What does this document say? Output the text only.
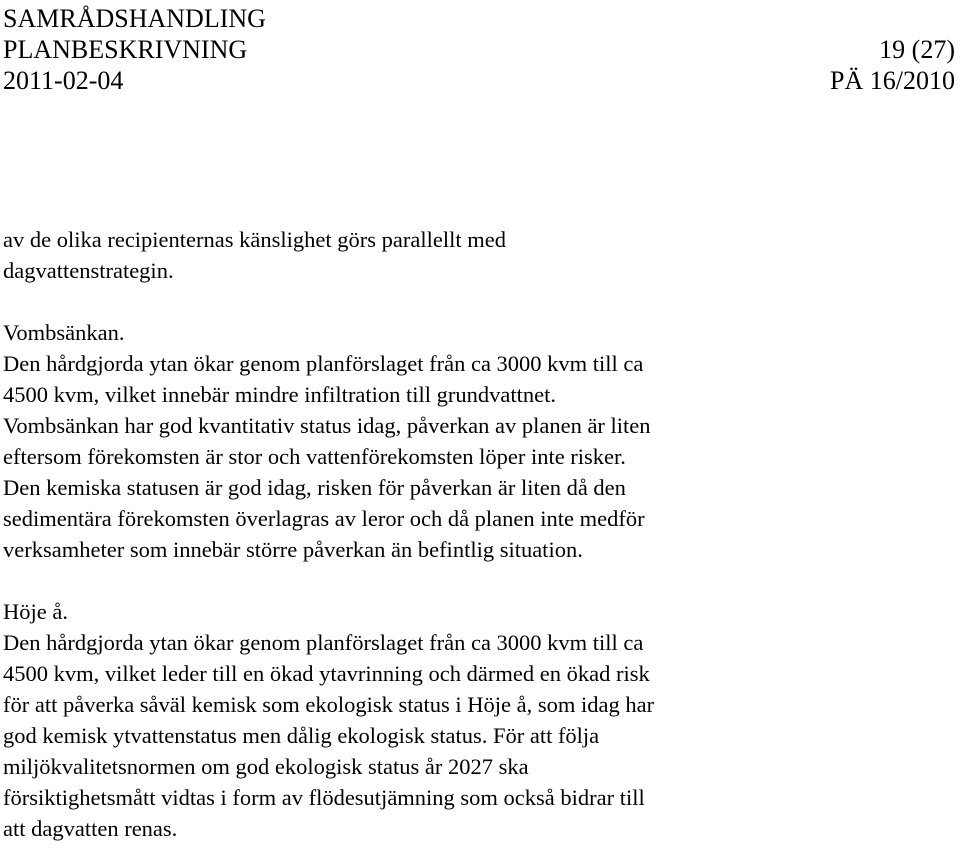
SAMRÅDSHANDLING
PLANBESKRIVNING	19 (27)
2011-02-04	PÄ 16/2010
av de olika recipienternas känslighet görs parallellt med
dagvattenstrategin.
Vombsänkan.
Den hårdgjorda ytan ökar genom planförslaget från ca 3000 kvm till ca
4500 kvm, vilket innebär mindre infiltration till grundvattnet.
Vombsänkan har god kvantitativ status idag, påverkan av planen är liten
eftersom förekomsten är stor och vattenförekomsten löper inte risker.
Den kemiska statusen är god idag, risken för påverkan är liten då den
sedimentära förekomsten överlagras av leror och då planen inte medför
verksamheter som innebär större påverkan än befintlig situation.
Höje å.
Den hårdgjorda ytan ökar genom planförslaget från ca 3000 kvm till ca
4500 kvm, vilket leder till en ökad ytavrinning och därmed en ökad risk
för att påverka såväl kemisk som ekologisk status i Höje å, som idag har
god kemisk ytvattenstatus men dålig ekologisk status. För att följa
miljökvalitetsnormen om god ekologisk status år 2027 ska
försiktighetsmått vidtas i form av flödesutjämning som också bidrar till
att dagvatten renas.
